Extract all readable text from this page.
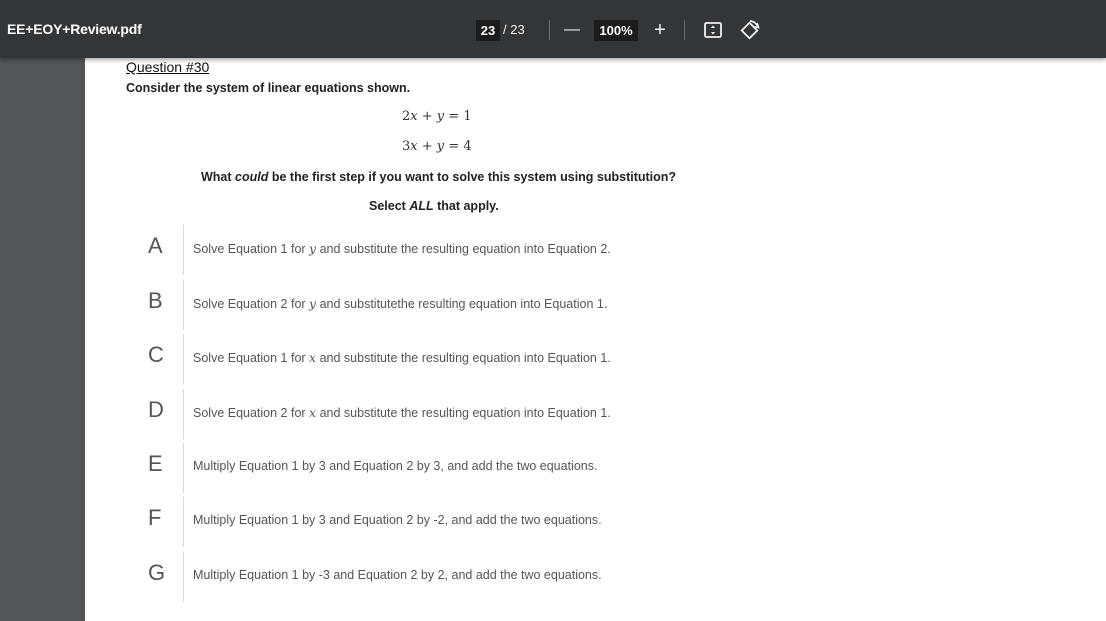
EE+EOY+Review.pdf	23 / 23	—	100%	+
Question #30
Consider the system of linear equations shown.
2x + y = 1
3x + y = 4
What could be the first step if you want to solve this system using substitution?
Select ALL that apply.
A	Solve Equation 1 for y and substitute the resulting equation into Equation 2.
B	Solve Equation 2 for y and substitutethe resulting equation into Equation 1.
C	Solve Equation 1 for x and substitute the resulting equation into Equation 1.
D	Solve Equation 2 for x and substitute the resulting equation into Equation 1.
E	Multiply Equation 1 by 3 and Equation 2 by 3, and add the two equations.
F	Multiply Equation 1 by 3 and Equation 2 by -2, and add the two equations.
G	Multiply Equation 1 by -3 and Equation 2 by 2, and add the two equations.
